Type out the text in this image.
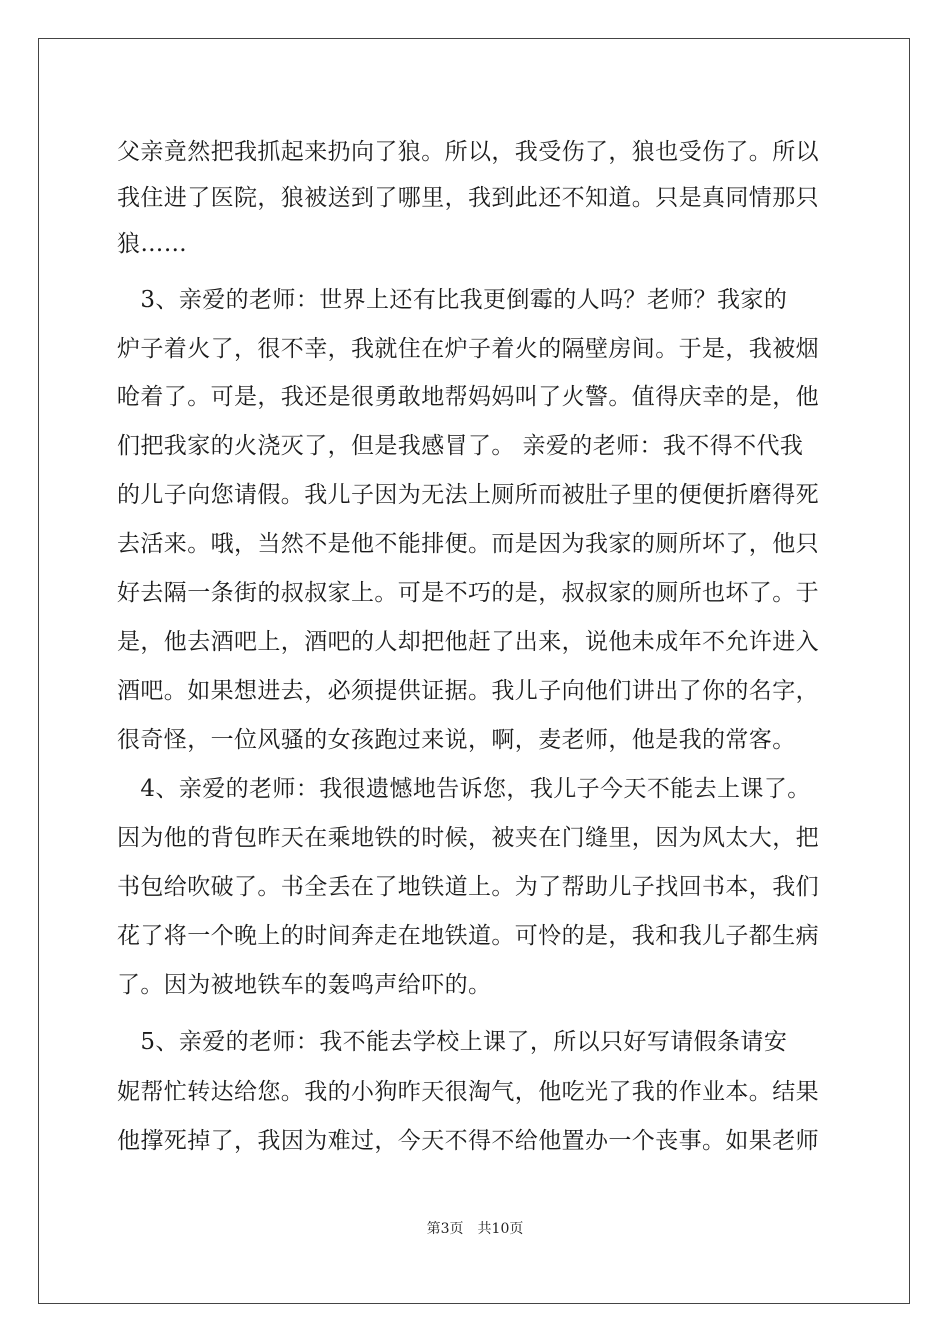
父亲竟然把我抓起来扔向了狼。所以，我受伤了，狼也受伤了。所以
我住进了医院，狼被送到了哪里，我到此还不知道。只是真同情那只
狼……
　3、亲爱的老师：世界上还有比我更倒霉的人吗？老师？我家的
炉子着火了，很不幸，我就住在炉子着火的隔壁房间。于是，我被烟
呛着了。可是，我还是很勇敢地帮妈妈叫了火警。值得庆幸的是，他
们把我家的火浇灭了，但是我感冒了。 亲爱的老师：我不得不代我
的儿子向您请假。我儿子因为无法上厕所而被肚子里的便便折磨得死
去活来。哦，当然不是他不能排便。而是因为我家的厕所坏了，他只
好去隔一条街的叔叔家上。可是不巧的是，叔叔家的厕所也坏了。于
是，他去酒吧上，酒吧的人却把他赶了出来，说他未成年不允许进入
酒吧。如果想进去，必须提供证据。我儿子向他们讲出了你的名字，
很奇怪，一位风骚的女孩跑过来说，啊，麦老师，他是我的常客。
　4、亲爱的老师：我很遗憾地告诉您，我儿子今天不能去上课了。
因为他的背包昨天在乘地铁的时候，被夹在门缝里，因为风太大，把
书包给吹破了。书全丢在了地铁道上。为了帮助儿子找回书本，我们
花了将一个晚上的时间奔走在地铁道。可怜的是，我和我儿子都生病
了。因为被地铁车的轰鸣声给吓的。
　5、亲爱的老师：我不能去学校上课了，所以只好写请假条请安
妮帮忙转达给您。我的小狗昨天很淘气，他吃光了我的作业本。结果
他撑死掉了，我因为难过，今天不得不给他置办一个丧事。如果老师
第3页 共10页
